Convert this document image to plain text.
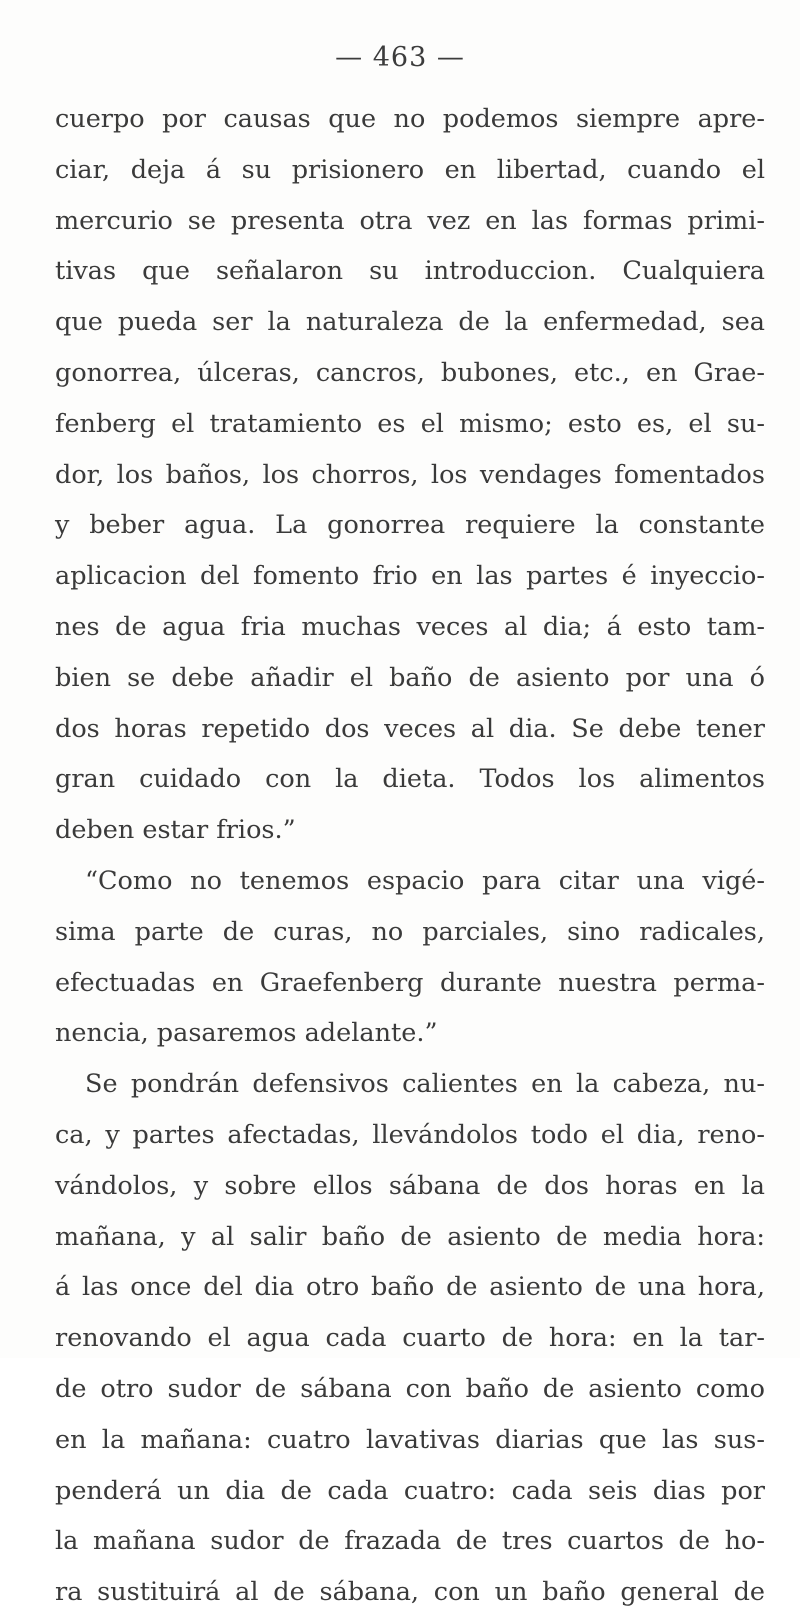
— 463 —
cuerpo por causas que no podemos siempre apre-
ciar, deja á su prisionero en libertad, cuando el
mercurio se presenta otra vez en las formas primi-
tivas que señalaron su introduccion. Cualquiera
que pueda ser la naturaleza de la enfermedad, sea
gonorrea, úlceras, cancros, bubones, etc., en Grae-
fenberg el tratamiento es el mismo; esto es, el su-
dor, los baños, los chorros, los vendages fomentados
y beber agua. La gonorrea requiere la constante
aplicacion del fomento frio en las partes é inyeccio-
nes de agua fria muchas veces al dia; á esto tam-
bien se debe añadir el baño de asiento por una ó
dos horas repetido dos veces al dia. Se debe tener
gran cuidado con la dieta. Todos los alimentos
deben estar frios.”
“Como no tenemos espacio para citar una vigé-
sima parte de curas, no parciales, sino radicales,
efectuadas en Graefenberg durante nuestra perma-
nencia, pasaremos adelante.”
Se pondrán defensivos calientes en la cabeza, nu-
ca, y partes afectadas, llevándolos todo el dia, reno-
vándolos, y sobre ellos sábana de dos horas en la
mañana, y al salir baño de asiento de media hora:
á las once del dia otro baño de asiento de una hora,
renovando el agua cada cuarto de hora: en la tar-
de otro sudor de sábana con baño de asiento como
en la mañana: cuatro lavativas diarias que las sus-
penderá un dia de cada cuatro: cada seis dias por
la mañana sudor de frazada de tres cuartos de ho-
ra sustituirá al de sábana, con un baño general de
